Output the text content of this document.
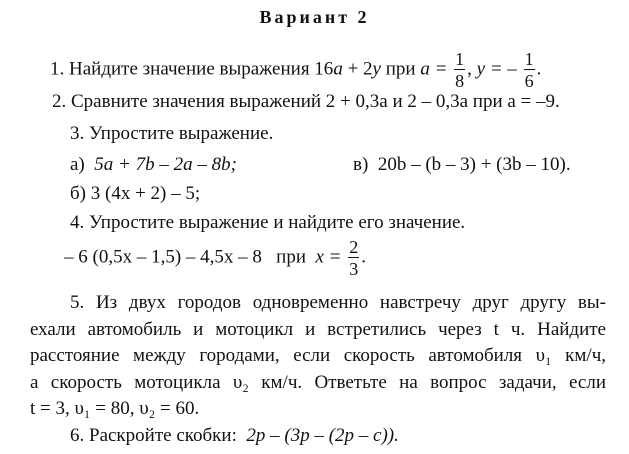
Вариант 2
1. Найдите значение выражения 16a + 2y при $a = \frac{1}{8}$ , y = – $\frac{1}{6}$ .
2. Сравните значения выражений 2 + 0,3а и 2 – 0,3а при а = –9.
3. Упростите выражение.
а) 5a + 7b – 2a – 8b;	в) 20b – (b – 3) + (3b – 10).
б) 3 (4х + 2) – 5;
4. Упростите выражение и найдите его значение.
– 6 (0,5х – 1,5) – 4,5х – 8 при $x = \frac{2}{3}$ .
5. Из двух городов одновременно навстречу друг другу вы-
ехали автомобиль и мотоцикл и встретились через t ч. Найдите
расстояние между городами, если скорость автомобиля υ₁ км/ч,
а скорость мотоцикла υ₂ км/ч. Ответьте на вопрос задачи, если
t = 3, υ₁ = 80, υ₂ = 60.
6. Раскройте скобки: 2p – (3p – (2p – c)).
